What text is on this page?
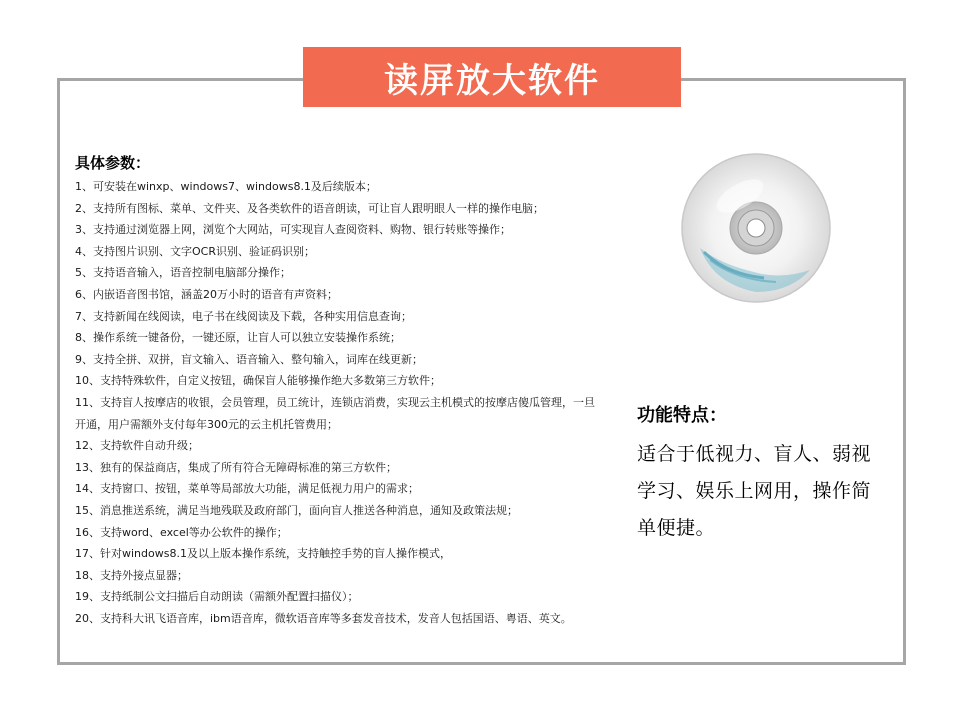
读屏放大软件
具体参数：
1、可安装在winxp、windows7、windows8.1及后续版本；
2、支持所有图标、菜单、文件夹、及各类软件的语音朗读，可让盲人跟明眼人一样的操作电脑；
3、支持通过浏览器上网，浏览个大网站，可实现盲人查阅资料、购物、银行转账等操作；
4、支持图片识别、文字OCR识别、验证码识别；
5、支持语音输入，语音控制电脑部分操作；
6、内嵌语音图书馆，涵盖20万小时的语音有声资料；
7、支持新闻在线阅读，电子书在线阅读及下载，各种实用信息查询；
8、操作系统一键备份，一键还原，让盲人可以独立安装操作系统；
9、支持全拼、双拼，盲文输入、语音输入、整句输入，词库在线更新；
10、支持特殊软件，自定义按钮，确保盲人能够操作绝大多数第三方软件；
11、支持盲人按摩店的收银，会员管理，员工统计，连锁店消费，实现云主机模式的按摩店傻瓜管理，一旦开通，用户需额外支付每年300元的云主机托管费用；
12、支持软件自动升级；
13、独有的保益商店，集成了所有符合无障碍标准的第三方软件；
14、支持窗口、按钮，菜单等局部放大功能，满足低视力用户的需求；
15、消息推送系统，满足当地残联及政府部门，面向盲人推送各种消息，通知及政策法规；
16、支持word、excel等办公软件的操作；
17、针对windows8.1及以上版本操作系统，支持触控手势的盲人操作模式，
18、支持外接点显器；
19、支持纸制公文扫描后自动朗读（需额外配置扫描仪）；
20、支持科大讯飞语音库，ibm语音库，微软语音库等多套发音技术，发音人包括国语、粤语、英文。
功能特点：
适合于低视力、盲人、弱视学习、娱乐上网用，操作简单便捷。
